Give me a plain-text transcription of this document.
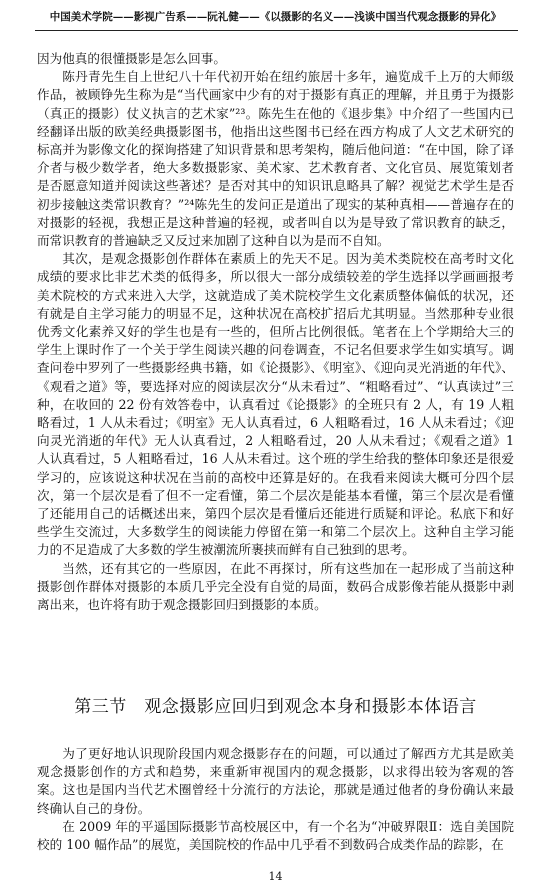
中国美术学院——影视广告系——阮礼健——《以摄影的名义——浅谈中国当代观念摄影的异化》

因为他真的很懂摄影是怎么回事。

陈丹青先生自上世纪八十年代初开始在纽约旅居十多年，遍览成千上万的大师级作品，被顾铮先生称为是“当代画家中少有的对于摄影有真正的理解，并且勇于为摄影（真正的摄影）仗义执言的艺术家”²³。陈先生在他的《退步集》中介绍了一些国内已经翻译出版的欧美经典摄影图书，他指出这些图书已经在西方构成了人文艺术研究的标高并为影像文化的探询搭建了知识背景和思考架构，随后他问道：“在中国，除了译介者与极少数学者，绝大多数摄影家、美术家、艺术教育者、文化官员、展览策划者是否愿意知道并阅读这些著述？是否对其中的知识讯息略具了解？视觉艺术学生是否初步接触这类常识教育？”²⁴陈先生的发问正是道出了现实的某种真相——普遍存在的对摄影的轻视，我想正是这种普遍的轻视，或者叫自以为是导致了常识教育的缺乏，而常识教育的普遍缺乏又反过来加剧了这种自以为是而不自知。

其次，是观念摄影创作群体在素质上的先天不足。因为美术类院校在高考时文化成绩的要求比非艺术类的低得多，所以很大一部分成绩较差的学生选择以学画画报考美术院校的方式来进入大学，这就造成了美术院校学生文化素质整体偏低的状况，还有就是自主学习能力的明显不足，这种状况在高校扩招后尤其明显。当然那种专业很优秀文化素养又好的学生也是有一些的，但所占比例很低。笔者在上个学期给大三的学生上课时作了一个关于学生阅读兴趣的问卷调查，不记名但要求学生如实填写。调查问卷中罗列了一些摄影经典书籍，如《论摄影》、《明室》、《迎向灵光消逝的年代》、《观看之道》等，要选择对应的阅读层次分“从未看过”、“粗略看过”、“认真读过”三种，在收回的 22 份有效答卷中，认真看过《论摄影》的全班只有 2 人，有 19 人粗略看过，1 人从未看过；《明室》无人认真看过，6 人粗略看过，16 人从未看过；《迎向灵光消逝的年代》无人认真看过，2 人粗略看过，20 人从未看过；《观看之道》1 人认真看过，5 人粗略看过，16 人从未看过。这个班的学生给我的整体印象还是很爱学习的，应该说这种状况在当前的高校中还算是好的。在我看来阅读大概可分四个层次，第一个层次是看了但不一定看懂，第二个层次是能基本看懂，第三个层次是看懂了还能用自己的话概述出来，第四个层次是看懂后还能进行质疑和评论。私底下和好些学生交流过，大多数学生的阅读能力停留在第一和第二个层次上。这种自主学习能力的不足造成了大多数的学生被潮流所裹挟而鲜有自己独到的思考。

当然，还有其它的一些原因，在此不再探讨，所有这些加在一起形成了当前这种摄影创作群体对摄影的本质几乎完全没有自觉的局面，数码合成影像若能从摄影中剥离出来，也许将有助于观念摄影回归到摄影的本质。

第三节　观念摄影应回归到观念本身和摄影本体语言

为了更好地认识现阶段国内观念摄影存在的问题，可以通过了解西方尤其是欧美观念摄影创作的方式和趋势，来重新审视国内的观念摄影，以求得出较为客观的答案。这也是国内当代艺术圈曾经十分流行的方法论，那就是通过他者的身份确认来最终确认自己的身份。

在 2009 年的平遥国际摄影节高校展区中，有一个名为“冲破界限Ⅱ：选自美国院校的 100 幅作品”的展览，美国院校的作品中几乎看不到数码合成类作品的踪影，在

14
